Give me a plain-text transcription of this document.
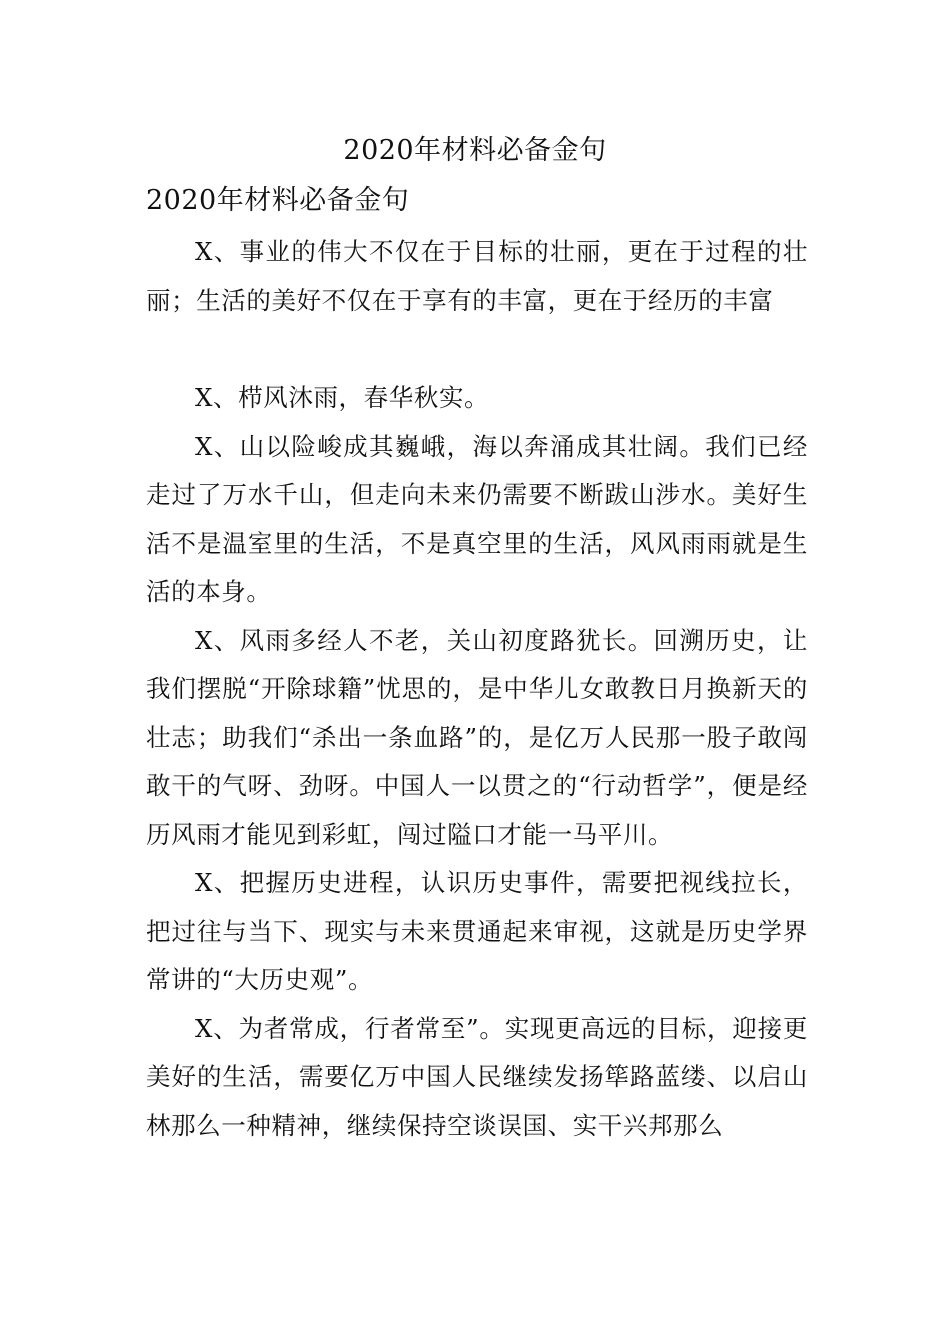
2020年材料必备金句
2020年材料必备金句

X、事业的伟大不仅在于目标的壮丽，更在于过程的壮丽；生活的美好不仅在于享有的丰富，更在于经历的丰富

X、栉风沐雨，春华秋实。

X、山以险峻成其巍峨，海以奔涌成其壮阔。我们已经走过了万水千山，但走向未来仍需要不断跋山涉水。美好生活不是温室里的生活，不是真空里的生活，风风雨雨就是生活的本身。

X、风雨多经人不老，关山初度路犹长。回溯历史，让我们摆脱“开除球籍”忧思的，是中华儿女敢教日月换新天的壮志；助我们“杀出一条血路”的，是亿万人民那一股子敢闯敢干的气呀、劲呀。中国人一以贯之的“行动哲学”，便是经历风雨才能见到彩虹，闯过隘口才能一马平川。

X、把握历史进程，认识历史事件，需要把视线拉长，把过往与当下、现实与未来贯通起来审视，这就是历史学界常讲的“大历史观”。

X、为者常成，行者常至”。实现更高远的目标，迎接更美好的生活，需要亿万中国人民继续发扬筚路蓝缕、以启山林那么一种精神，继续保持空谈误国、实干兴邦那么
